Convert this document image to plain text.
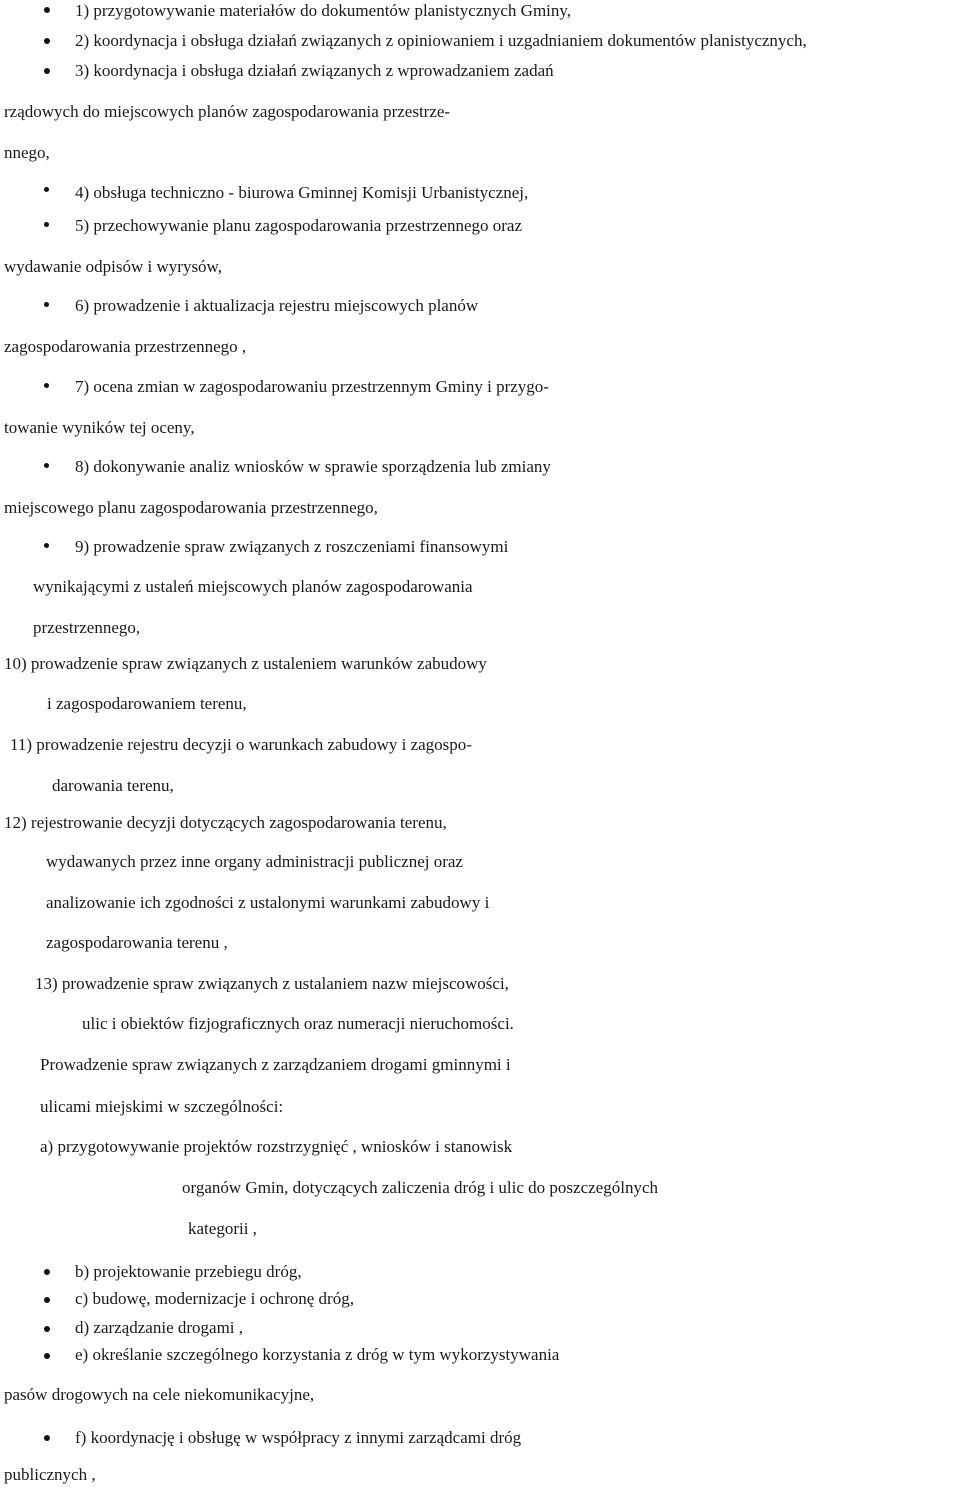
1) przygotowywanie materiałów do dokumentów planistycznych Gminy,
2) koordynacja i obsługa działań związanych z opiniowaniem i uzgadnianiem dokumentów planistycznych,
3) koordynacja i obsługa działań związanych z wprowadzaniem zadań
rządowych do miejscowych planów zagospodarowania przestrze-
nnego,
4) obsługa techniczno - biurowa Gminnej Komisji Urbanistycznej,
5) przechowywanie planu zagospodarowania przestrzennego oraz
wydawanie odpisów i wyrysów,
6) prowadzenie i aktualizacja rejestru miejscowych planów
zagospodarowania przestrzennego ,
7) ocena zmian w zagospodarowaniu przestrzennym Gminy i przygo-
towanie wyników tej oceny,
8) dokonywanie analiz wniosków w sprawie sporządzenia lub zmiany
miejscowego planu zagospodarowania przestrzennego,
9) prowadzenie spraw związanych z roszczeniami finansowymi
wynikającymi z ustaleń miejscowych planów zagospodarowania
przestrzennego,
10) prowadzenie spraw związanych z ustaleniem warunków zabudowy
i zagospodarowaniem terenu,
11) prowadzenie rejestru decyzji o warunkach zabudowy i zagospo-
darowania terenu,
12) rejestrowanie decyzji dotyczących zagospodarowania terenu,
wydawanych przez inne organy administracji publicznej oraz
analizowanie ich zgodności z ustalonymi warunkami zabudowy i
zagospodarowania terenu ,
13) prowadzenie spraw związanych z ustalaniem nazw miejscowości,
ulic i obiektów fizjograficznych oraz numeracji nieruchomości.
Prowadzenie spraw związanych z zarządzaniem drogami gminnymi i
ulicami miejskimi w szczególności:
a) przygotowywanie projektów rozstrzygnięć , wniosków i stanowisk
organów Gmin, dotyczących zaliczenia dróg i ulic do poszczególnych
kategorii ,
b) projektowanie przebiegu dróg,
c) budowę, modernizacje i ochronę dróg,
d) zarządzanie drogami ,
e) określanie szczególnego korzystania z dróg w tym wykorzystywania
pasów drogowych na cele niekomunikacyjne,
f) koordynację i obsługę w współpracy z innymi zarządcami dróg
publicznych ,
